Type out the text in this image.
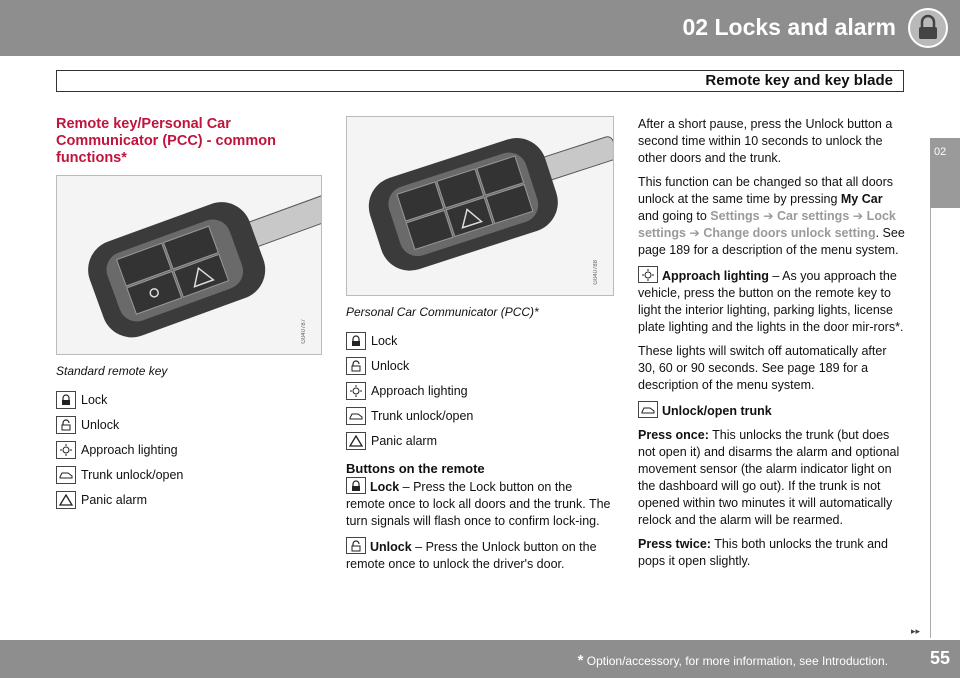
02 Locks and alarm
Remote key and key blade
02
Remote key/Personal Car Communicator (PCC) - common functions*
G040787
Standard remote key
Lock
Unlock
Approach lighting
Trunk unlock/open
Panic alarm
G040788
Personal Car Communicator (PCC)*
Lock
Unlock
Approach lighting
Trunk unlock/open
Panic alarm
Buttons on the remote
Lock – Press the Lock button on the remote once to lock all doors and the trunk. The turn signals will flash once to confirm lock-ing.
Unlock – Press the Unlock button on the remote once to unlock the driver's door.
After a short pause, press the Unlock button a second time within 10 seconds to unlock the other doors and the trunk.
This function can be changed so that all doors unlock at the same time by pressing My Car and going to Settings ➔ Car settings ➔ Lock settings ➔ Change doors unlock setting. See page 189 for a description of the menu system.
Approach lighting – As you approach the vehicle, press the button on the remote key to light the interior lighting, parking lights, license plate lighting and the lights in the door mir-rors*.
These lights will switch off automatically after 30, 60 or 90 seconds. See page 189 for a description of the menu system.
Unlock/open trunk
Press once: This unlocks the trunk (but does not open it) and disarms the alarm and optional movement sensor (the alarm indicator light on the dashboard will go out). If the trunk is not opened within two minutes it will automatically relock and the alarm will be rearmed.
Press twice: This both unlocks the trunk and pops it open slightly.
▸▸
* Option/accessory, for more information, see Introduction. 55
